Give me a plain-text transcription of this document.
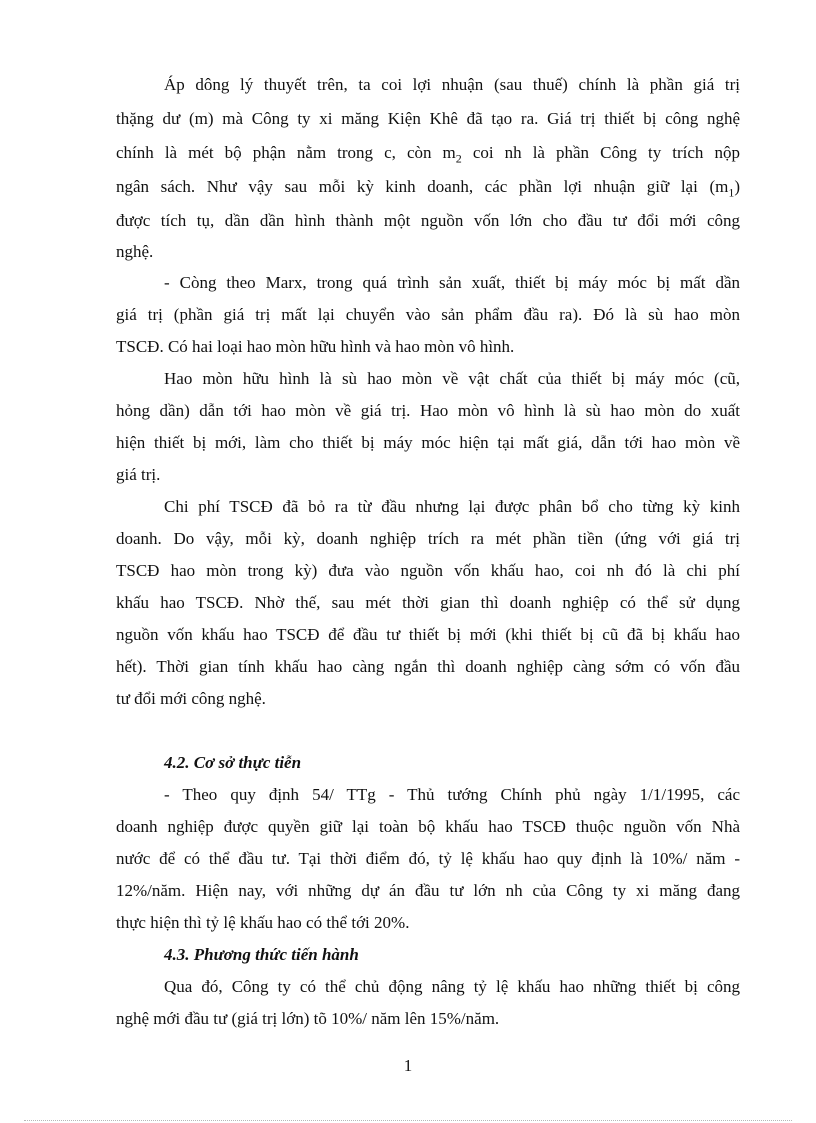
Áp dông lý thuyết trên, ta coi lợi nhuận (sau thuế) chính là phần giá trị
thặng dư (m) mà Công ty xi măng Kiện Khê đã tạo ra. Giá trị thiết bị công nghệ
chính là mét bộ phận nằm trong c, còn $m_2$ coi nh là phần Công ty trích nộp
ngân sách. Như vậy sau mỗi kỳ kinh doanh, các phần lợi nhuận giữ lại $(m_1)$
được tích tụ, dần dần hình thành một nguồn vốn lớn cho đầu tư đổi mới công
nghệ.
- Còng theo Marx, trong quá trình sản xuất, thiết bị máy móc bị mất dần
giá trị (phần giá trị mất lại chuyển vào sản phẩm đầu ra). Đó là sù hao mòn
TSCĐ. Có hai loại hao mòn hữu hình và hao mòn vô hình.
Hao mòn hữu hình là sù hao mòn về vật chất của thiết bị máy móc (cũ,
hỏng dần) dẫn tới hao mòn về giá trị. Hao mòn vô hình là sù hao mòn do xuất
hiện thiết bị mới, làm cho thiết bị máy móc hiện tại mất giá, dẫn tới hao mòn về
giá trị.
Chi phí TSCĐ đã bỏ ra từ đầu nhưng lại được phân bổ cho từng kỳ kinh
doanh. Do vậy, mỗi kỳ, doanh nghiệp trích ra mét phần tiền (ứng với giá trị
TSCĐ hao mòn trong kỳ) đưa vào nguồn vốn khấu hao, coi nh đó là chi phí
khấu hao TSCĐ. Nhờ thế, sau mét thời gian thì doanh nghiệp có thể sử dụng
nguồn vốn khấu hao TSCĐ để đầu tư thiết bị mới (khi thiết bị cũ đã bị khấu hao
hết). Thời gian tính khấu hao càng ngắn thì doanh nghiệp càng sớm có vốn đầu
tư đổi mới công nghệ.
4.2. Cơ sở thực tiễn
- Theo quy định 54/ TTg - Thủ tướng Chính phủ ngày 1/1/1995, các
doanh nghiệp được quyền giữ lại toàn bộ khấu hao TSCĐ thuộc nguồn vốn Nhà
nước để có thể đầu tư. Tại thời điểm đó, tỷ lệ khấu hao quy định là 10%/ năm -
12%/năm. Hiện nay, với những dự án đầu tư lớn nh của Công ty xi măng đang
thực hiện thì tỷ lệ khấu hao có thể tới 20%.
4.3. Phương thức tiến hành
Qua đó, Công ty có thể chủ động nâng tỷ lệ khấu hao những thiết bị công
nghệ mới đầu tư (giá trị lớn) tõ 10%/ năm lên 15%/năm.
1
